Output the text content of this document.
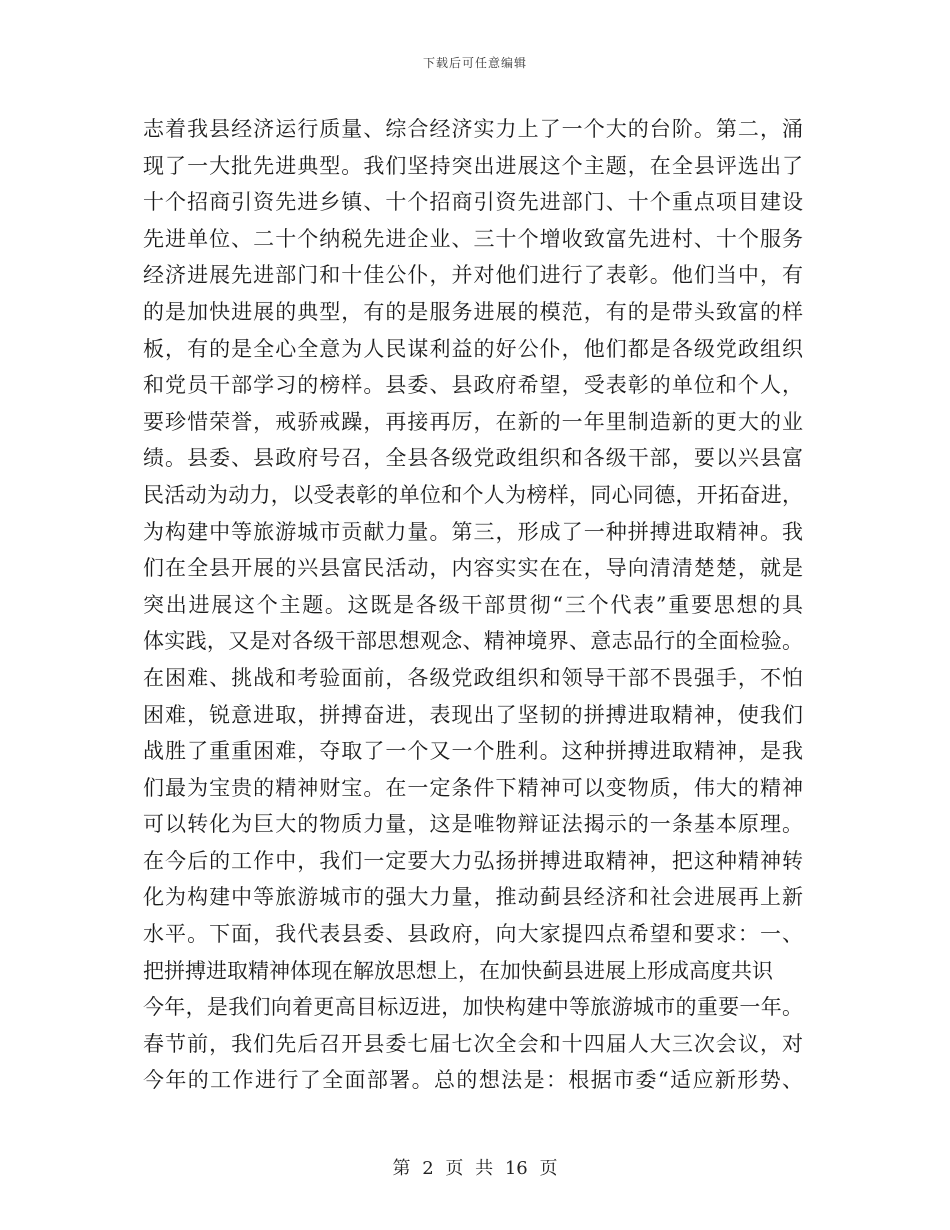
下载后可任意编辑
志着我县经济运行质量、综合经济实力上了一个大的台阶。第二，涌
现了一大批先进典型。我们坚持突出进展这个主题，在全县评选出了
十个招商引资先进乡镇、十个招商引资先进部门、十个重点项目建设
先进单位、二十个纳税先进企业、三十个增收致富先进村、十个服务
经济进展先进部门和十佳公仆，并对他们进行了表彰。他们当中，有
的是加快进展的典型，有的是服务进展的模范，有的是带头致富的样
板，有的是全心全意为人民谋利益的好公仆，他们都是各级党政组织
和党员干部学习的榜样。县委、县政府希望，受表彰的单位和个人，
要珍惜荣誉，戒骄戒躁，再接再厉，在新的一年里制造新的更大的业
绩。县委、县政府号召，全县各级党政组织和各级干部，要以兴县富
民活动为动力，以受表彰的单位和个人为榜样，同心同德，开拓奋进，
为构建中等旅游城市贡献力量。第三，形成了一种拼搏进取精神。我
们在全县开展的兴县富民活动，内容实实在在，导向清清楚楚，就是
突出进展这个主题。这既是各级干部贯彻“三个代表”重要思想的具
体实践，又是对各级干部思想观念、精神境界、意志品行的全面检验。
在困难、挑战和考验面前，各级党政组织和领导干部不畏强手，不怕
困难，锐意进取，拼搏奋进，表现出了坚韧的拼搏进取精神，使我们
战胜了重重困难，夺取了一个又一个胜利。这种拼搏进取精神，是我
们最为宝贵的精神财宝。在一定条件下精神可以变物质，伟大的精神
可以转化为巨大的物质力量，这是唯物辩证法揭示的一条基本原理。
在今后的工作中，我们一定要大力弘扬拼搏进取精神，把这种精神转
化为构建中等旅游城市的强大力量，推动蓟县经济和社会进展再上新
水平。下面，我代表县委、县政府，向大家提四点希望和要求：一、
把拼搏进取精神体现在解放思想上，在加快蓟县进展上形成高度共识
今年，是我们向着更高目标迈进，加快构建中等旅游城市的重要一年。
春节前，我们先后召开县委七届七次全会和十四届人大三次会议，对
今年的工作进行了全面部署。总的想法是：根据市委“适应新形势、
第 2 页 共 16 页
